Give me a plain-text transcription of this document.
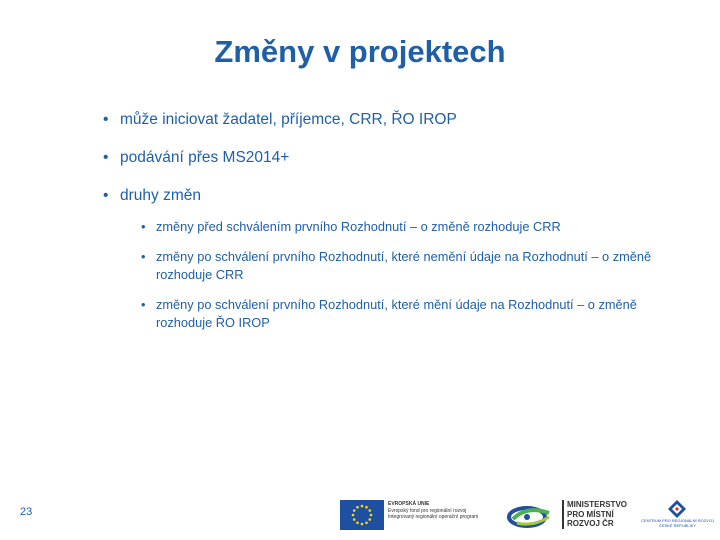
Změny v projektech
• může iniciovat žadatel, příjemce, CRR, ŘO IROP
• podávání přes MS2014+
• druhy změn
• změny před schválením prvního Rozhodnutí – o změně rozhoduje CRR
• změny po schválení prvního Rozhodnutí, které nemění údaje na Rozhodnutí – o změně rozhoduje CRR
• změny po schválení prvního Rozhodnutí, které mění údaje na Rozhodnutí – o změně rozhoduje ŘO IROP
23
EVROPSKÁ UNIE
Evropský fond pro regionální rozvoj
Integrovaný regionální operační program
MINISTERSTVO
PRO MÍSTNÍ
ROZVOJ ČR	CENTRUM PRO REGIONÁLNÍ ROZVOJ
ČESKÉ REPUBLIKY
